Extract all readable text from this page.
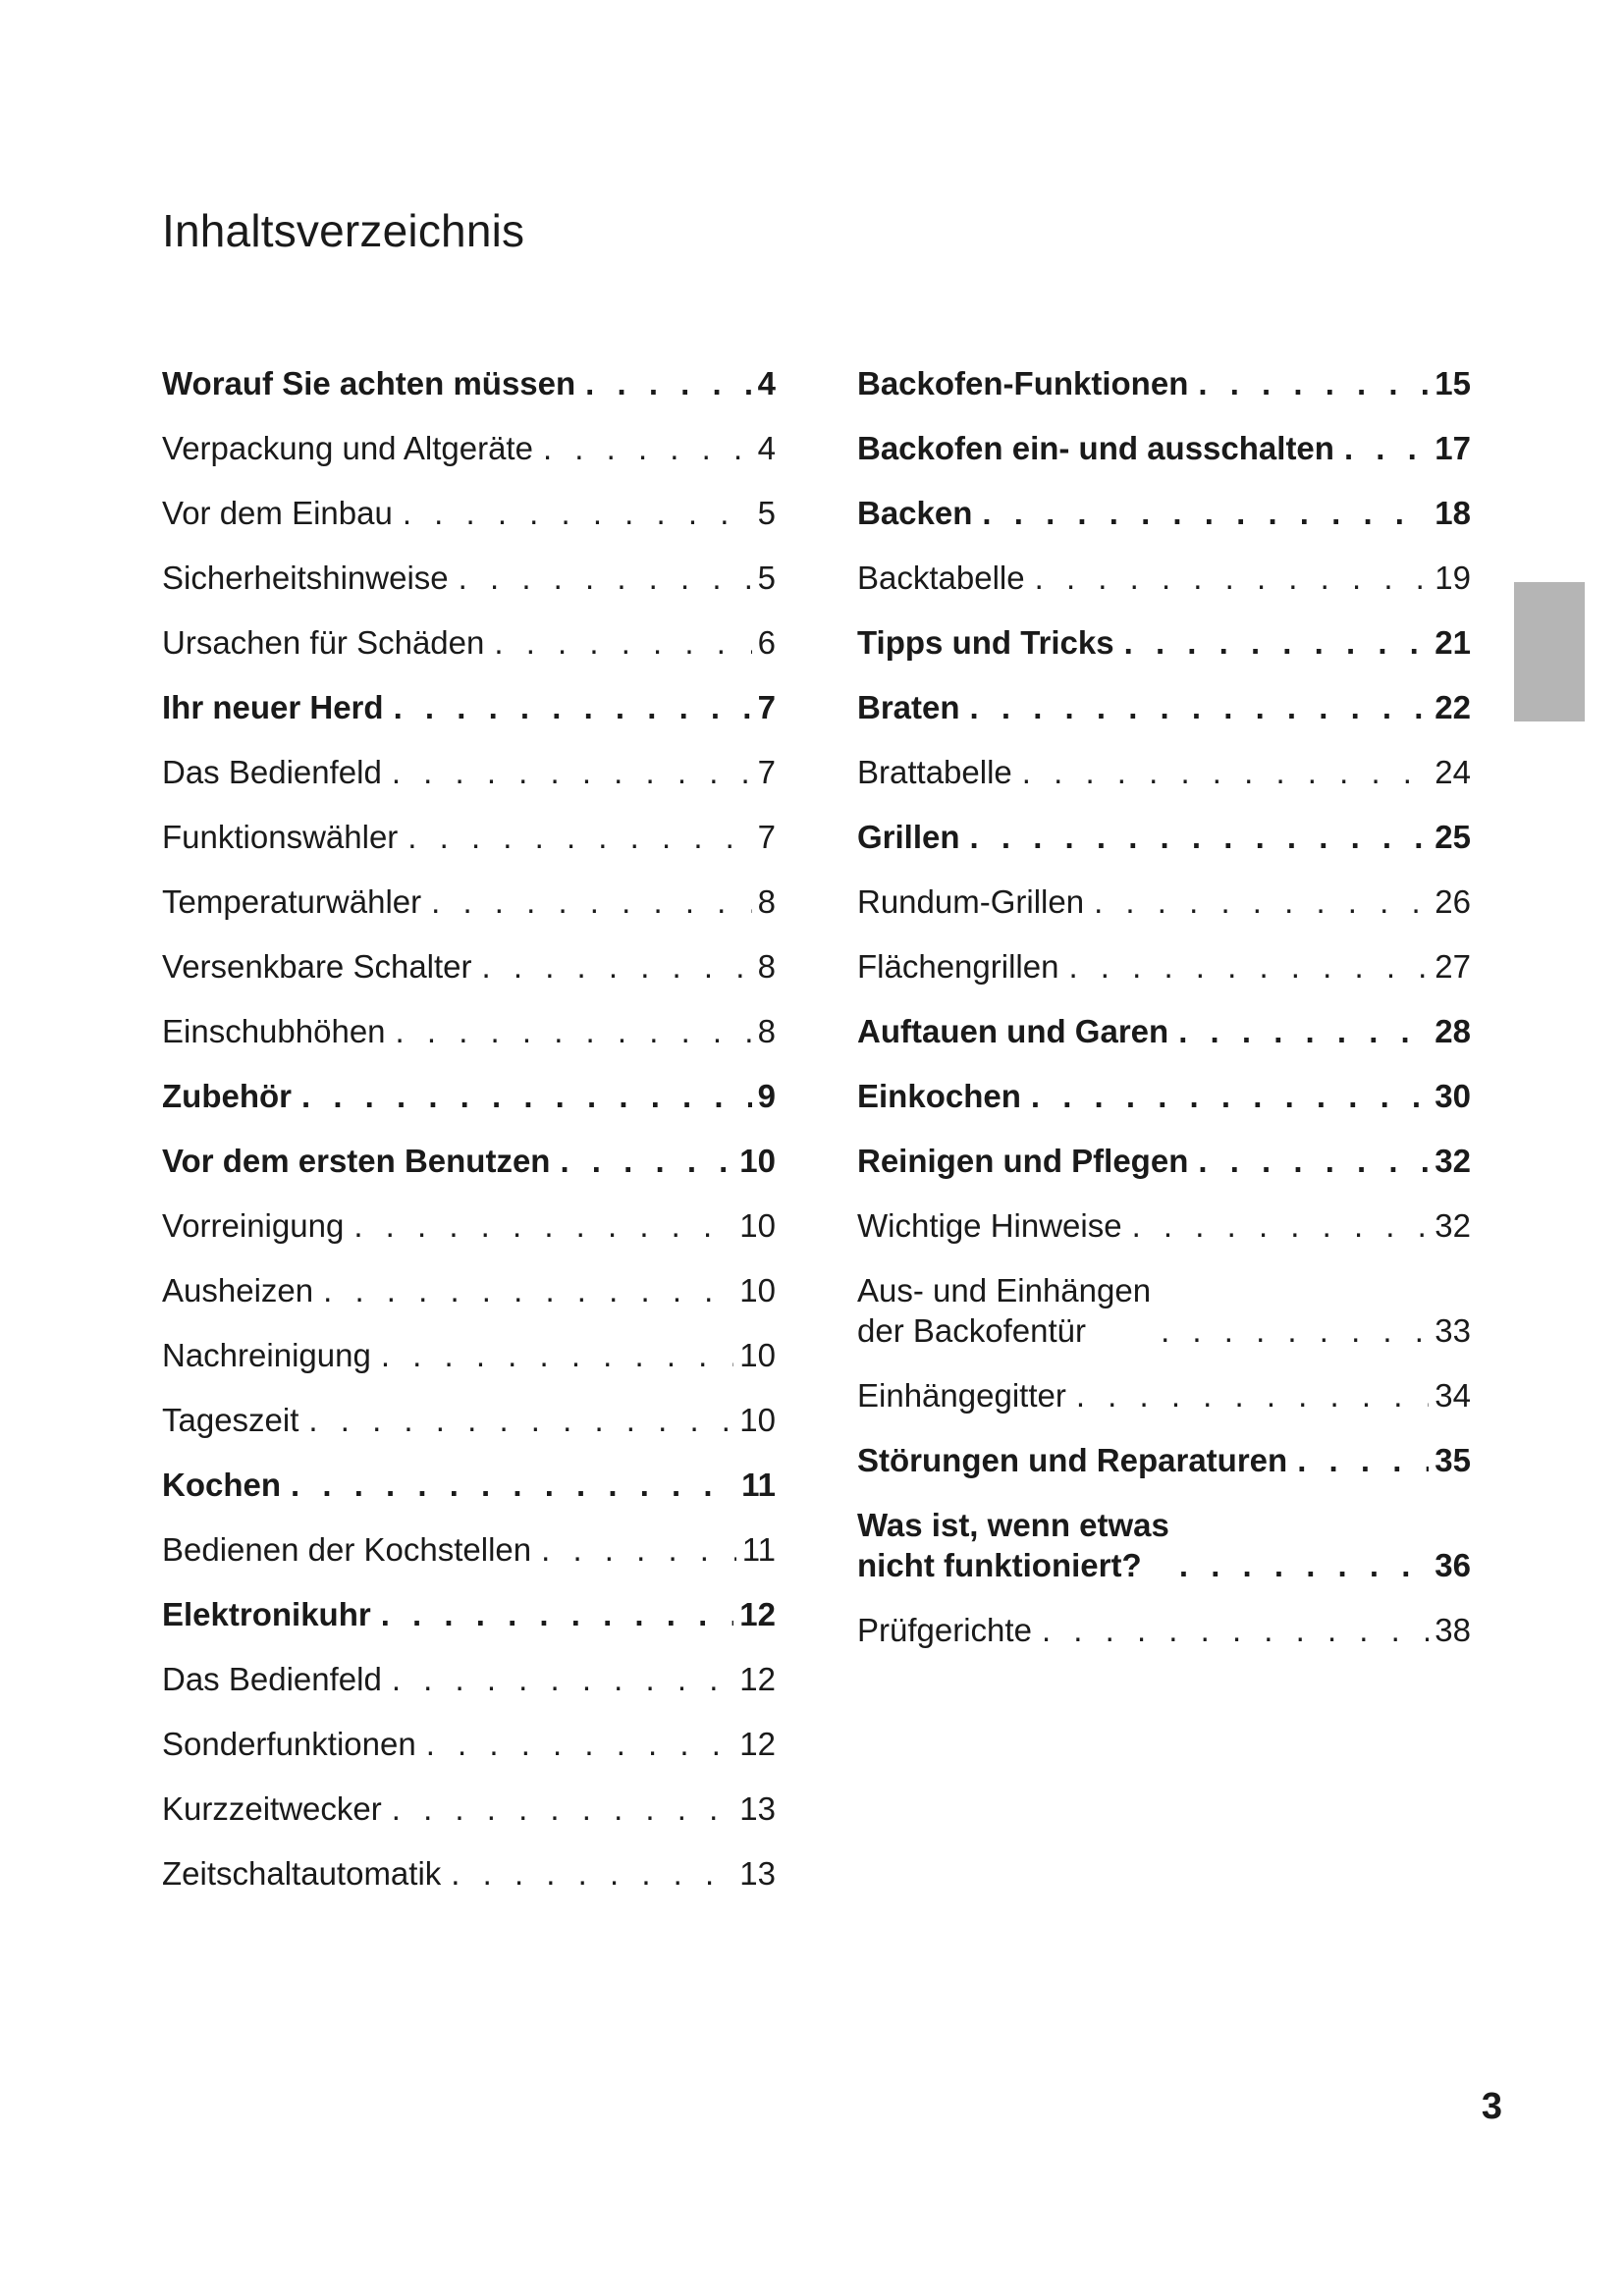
Inhaltsverzeichnis
Worauf Sie achten müssen . . .	4
Verpackung und Altgeräte . . .	4
Vor dem Einbau . . .	5
Sicherheitshinweise . . .	5
Ursachen für Schäden . . .	6
Ihr neuer Herd . . .	7
Das Bedienfeld . . .	7
Funktionswähler . . .	7
Temperaturwähler . . .	8
Versenkbare Schalter . . .	8
Einschubhöhen . . .	8
Zubehör . . .	9
Vor dem ersten Benutzen . . .	10
Vorreinigung . . .	10
Ausheizen . . .	10
Nachreinigung . . .	10
Tageszeit . . .	10
Kochen . . .	11
Bedienen der Kochstellen . . .	11
Elektronikuhr . . .	12
Das Bedienfeld . . .	12
Sonderfunktionen . . .	12
Kurzzeitwecker . . .	13
Zeitschaltautomatik . . .	13
Backofen-Funktionen . . .	15
Backofen ein- und ausschalten . . .	17
Backen . . .	18
Backtabelle . . .	19
Tipps und Tricks . . .	21
Braten . . .	22
Brattabelle . . .	24
Grillen . . .	25
Rundum-Grillen . . .	26
Flächengrillen . . .	27
Auftauen und Garen . . .	28
Einkochen . . .	30
Reinigen und Pflegen . . .	32
Wichtige Hinweise . . .	32
Aus- und Einhängen
der Backofentür . . .	33
Einhängegitter . . .	34
Störungen und Reparaturen . . .	35
Was ist, wenn etwas
nicht funktioniert? . . .	36
Prüfgerichte . . .	38
3
